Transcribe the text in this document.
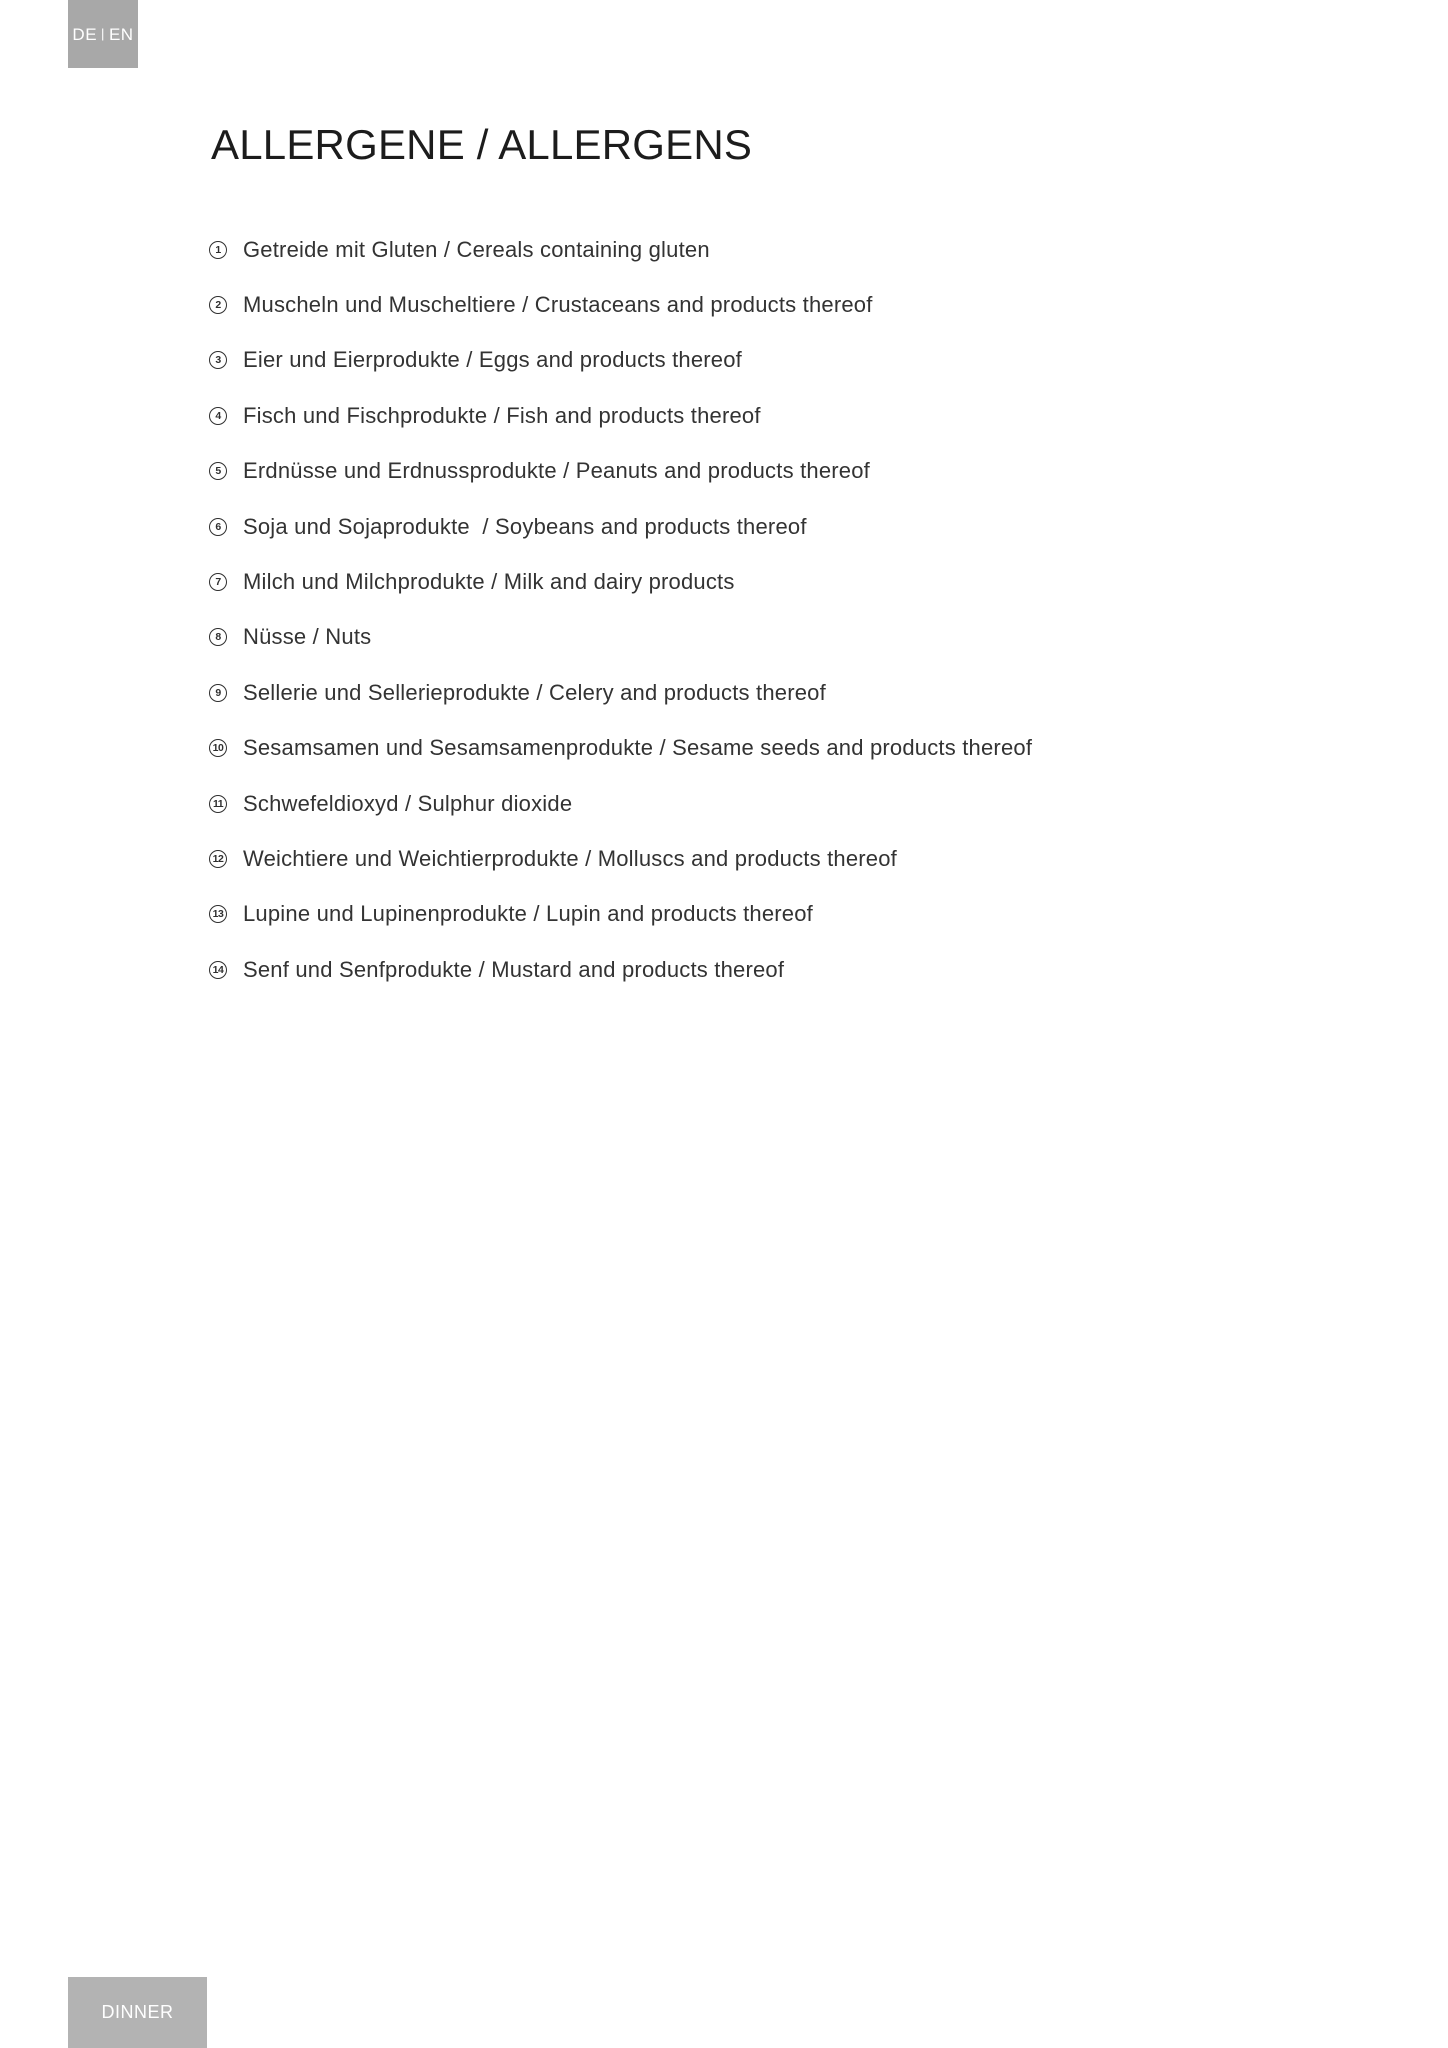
DE | EN
ALLERGENE / ALLERGENS
1 Getreide mit Gluten / Cereals containing gluten
2 Muscheln und Muscheltiere / Crustaceans and products thereof
3 Eier und Eierprodukte / Eggs and products thereof
4 Fisch und Fischprodukte / Fish and products thereof
5 Erdnüsse und Erdnussprodukte / Peanuts and products thereof
6 Soja und Sojaprodukte  / Soybeans and products thereof
7 Milch und Milchprodukte / Milk and dairy products
8 Nüsse / Nuts
9 Sellerie und Sellerieprodukte / Celery and products thereof
10 Sesamsamen und Sesamsamenprodukte / Sesame seeds and products thereof
11 Schwefeldioxyd / Sulphur dioxide
12 Weichtiere und Weichtierprodukte / Molluscs and products thereof
13 Lupine und Lupinenprodukte / Lupin and products thereof
14 Senf und Senfprodukte / Mustard and products thereof
DINNER
